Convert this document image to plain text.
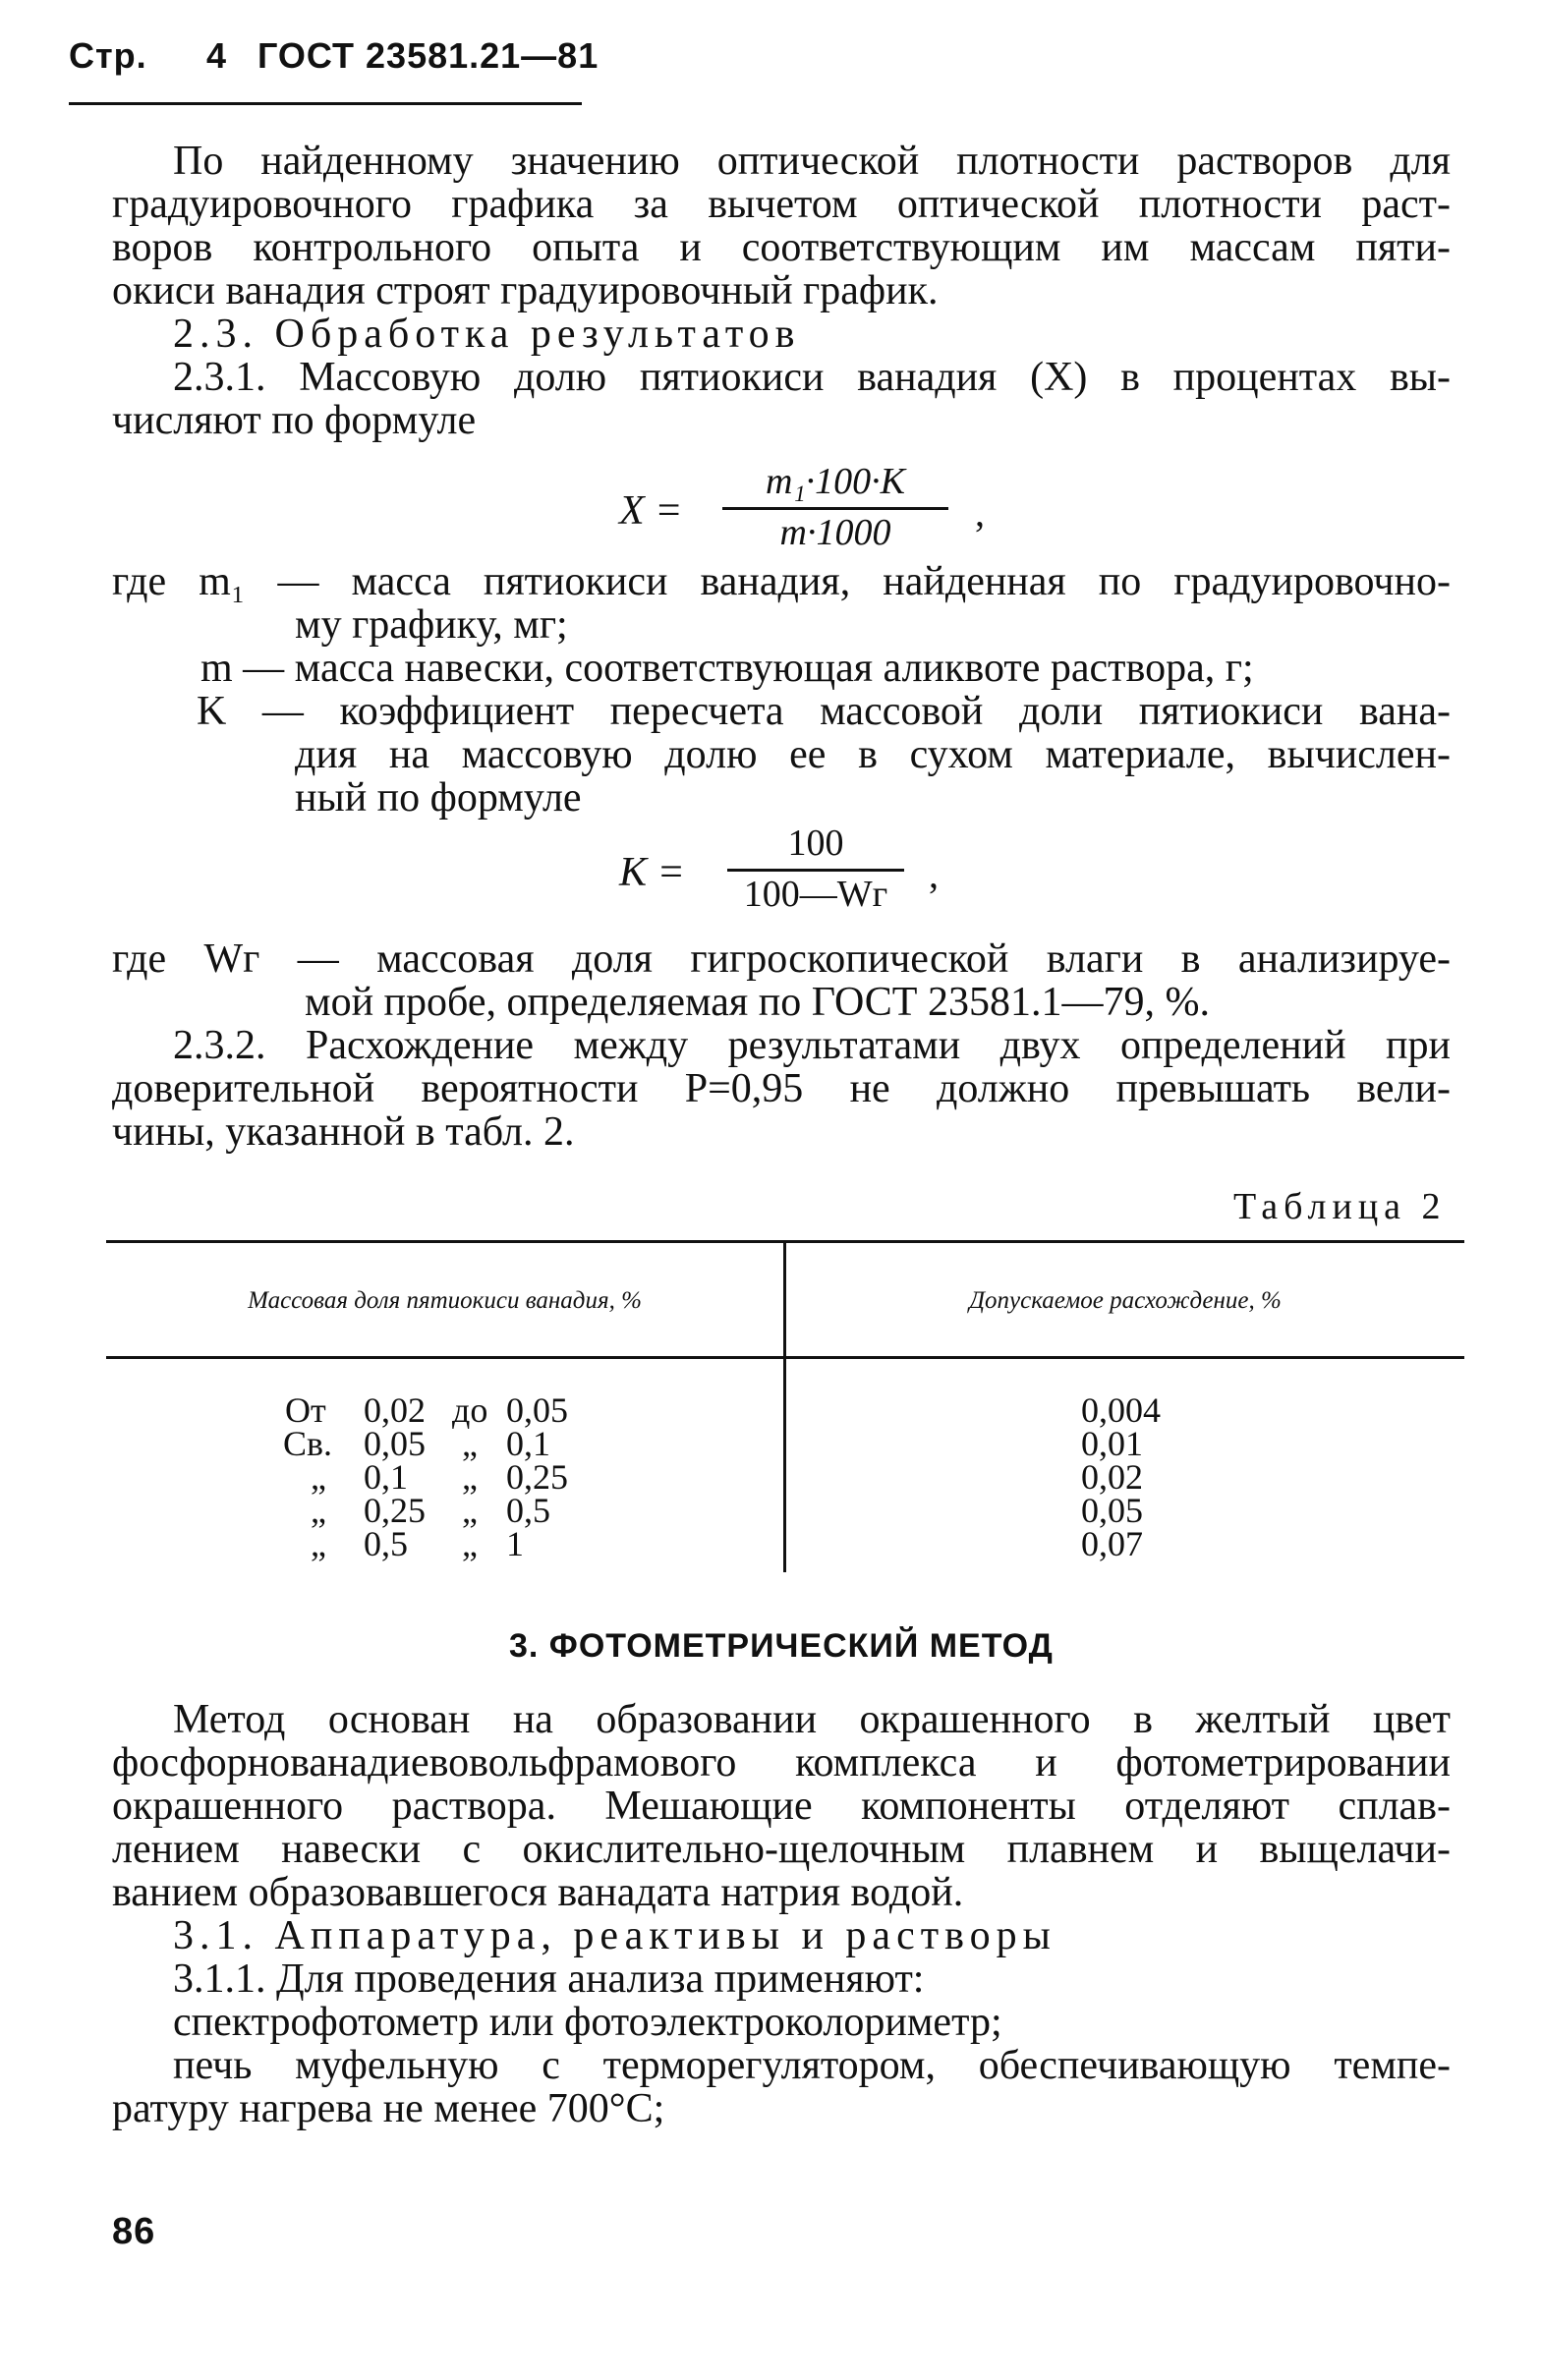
Стр. 4 ГОСТ 23581.21—81
По найденному значению оптической плотности растворов для
градуировочного графика за вычетом оптической плотности раст-
воров контрольного опыта и соответствующим им массам пяти-
окиси ванадия строят градуировочный график.
2.3. Обработка результатов
2.3.1. Массовую долю пятиокиси ванадия (X) в процентах вы-
числяют по формуле
X =
m₁·100·K
m·1000	,
где m₁ — масса пятиокиси ванадия, найденная по градуировочно-
му графику, мг;
m — масса навески, соответствующая аликвоте раствора, г;
K — коэффициент пересчета массовой доли пятиокиси вана-
дия на массовую долю ее в сухом материале, вычислен-
ный по формуле
K =
100
100—Wг	,
где Wг — массовая доля гигроскопической влаги в анализируе-
мой пробе, определяемая по ГОСТ 23581.1—79, %.
2.3.2. Расхождение между результатами двух определений при
доверительной вероятности P=0,95 не должно превышать вели-
чины, указанной в табл. 2.
Таблица 2
Массовая доля пятиокиси ванадия, %	Допускаемое расхождение, %
От 0,02 до 0,05	0,004
Св. 0,05 „ 0,1	0,01
„ 0,1 „ 0,25	0,02
„ 0,25 „ 0,5	0,05
„ 0,5 „ 1	0,07
3. ФОТОМЕТРИЧЕСКИЙ МЕТОД
Метод основан на образовании окрашенного в желтый цвет
фосфорнованадиевовольфрамового комплекса и фотометрировании
окрашенного раствора. Мешающие компоненты отделяют сплав-
лением навески с окислительно-щелочным плавнем и выщелачи-
ванием образовавшегося ванадата натрия водой.
3.1. Аппаратура, реактивы и растворы
3.1.1. Для проведения анализа применяют:
спектрофотометр или фотоэлектроколориметр;
печь муфельную с терморегулятором, обеспечивающую темпе-
ратуру нагрева не менее 700°С;
86
